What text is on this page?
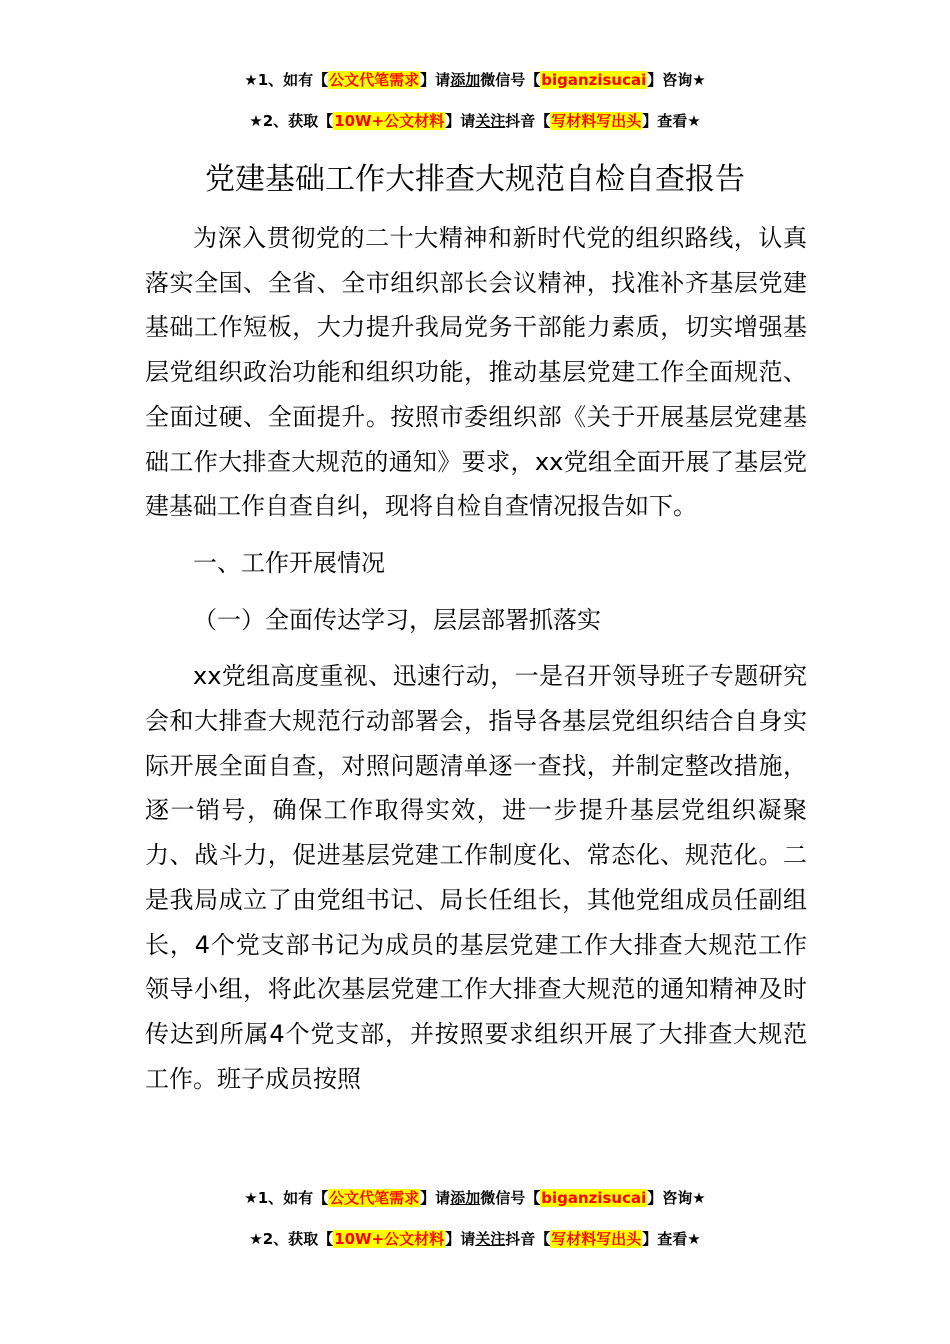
★1、如有【公文代笔需求】请添加微信号【biganzisucai】咨询★
★2、获取【10W+公文材料】请关注抖音【写材料写出头】查看★
党建基础工作大排查大规范自检自查报告

为深入贯彻党的二十大精神和新时代党的组织路线，认真落实全国、全省、全市组织部长会议精神，找准补齐基层党建基础工作短板，大力提升我局党务干部能力素质，切实增强基层党组织政治功能和组织功能，推动基层党建工作全面规范、全面过硬、全面提升。按照市委组织部《关于开展基层党建基础工作大排查大规范的通知》要求，xx党组全面开展了基层党建基础工作自查自纠，现将自检自查情况报告如下。

一、工作开展情况

（一）全面传达学习，层层部署抓落实

xx党组高度重视、迅速行动，一是召开领导班子专题研究会和大排查大规范行动部署会，指导各基层党组织结合自身实际开展全面自查，对照问题清单逐一查找，并制定整改措施，逐一销号，确保工作取得实效，进一步提升基层党组织凝聚力、战斗力，促进基层党建工作制度化、常态化、规范化。二是我局成立了由党组书记、局长任组长，其他党组成员任副组长，4个党支部书记为成员的基层党建工作大排查大规范工作领导小组，将此次基层党建工作大排查大规范的通知精神及时传达到所属4个党支部，并按照要求组织开展了大排查大规范工作。班子成员按照

★1、如有【公文代笔需求】请添加微信号【biganzisucai】咨询★
★2、获取【10W+公文材料】请关注抖音【写材料写出头】查看★
